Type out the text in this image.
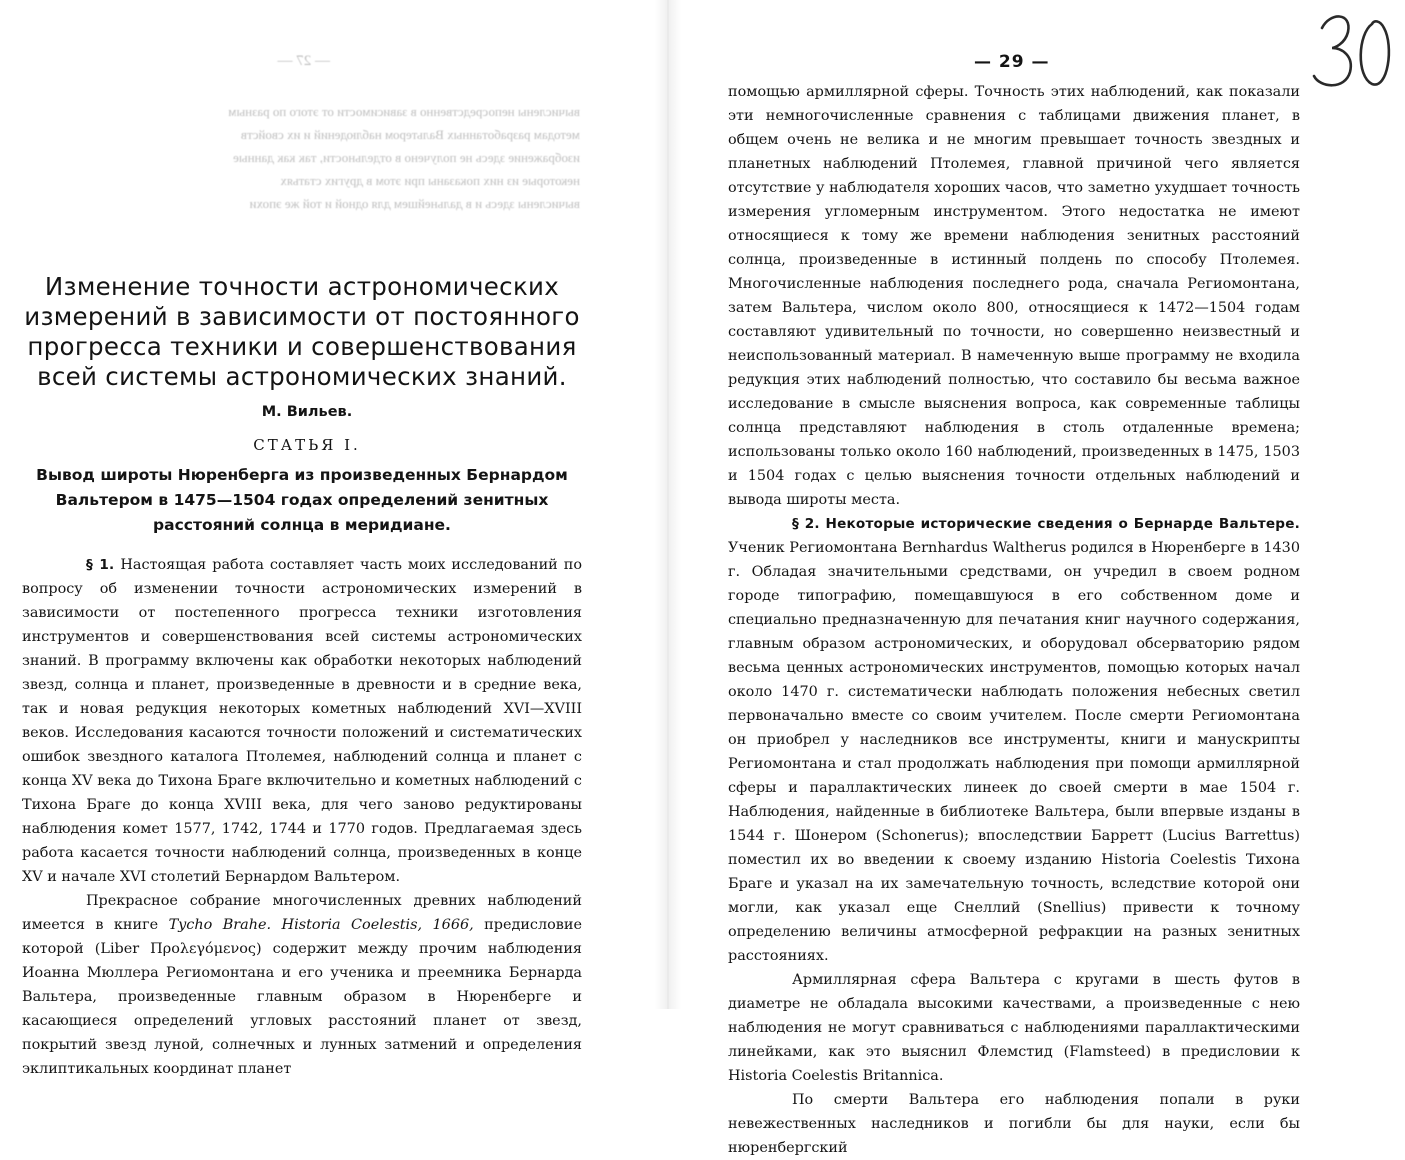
— 27 —
вычислены непосредственно в зависимости от этого по разным
методам разработанных Вальтером наблюдений и их свойств
изображение здесь не получено в отдельности, так как данные
некоторые из них показаны при этом в других статьях
вычислены здесь и в дальнейшем для одной и той же эпохи
Изменение точности астрономических измерений в зависимости от постоянного прогресса техники и совершенствования всей системы астрономических знаний.
М. Вильев.
СТАТЬЯ I.
Вывод широты Нюренберга из произведенных Бернардом Вальтером в 1475—1504 годах определений зенитных расстояний солнца в меридиане.

§ 1. Настоящая работа составляет часть моих исследований по вопросу об изменении точности астрономических измерений в зависимости от постепенного прогресса техники изготовления инструментов и совершенствования всей системы астрономических знаний. В программу включены как обработки некоторых наблюдений звезд, солнца и планет, произведенные в древности и в средние века, так и новая редукция некоторых кометных наблюдений XVI—XVIII веков. Исследования касаются точности положений и систематических ошибок звездного каталога Птолемея, наблюдений солнца и планет с конца XV века до Тихона Браге включительно и кометных наблюдений с Тихона Браге до конца XVIII века, для чего заново редуктированы наблюдения комет 1577, 1742, 1744 и 1770 годов. Предлагаемая здесь работа касается точности наблюдений солнца, произведенных в конце XV и начале XVI столетий Бернардом Вальтером.

Прекрасное собрание многочисленных древних наблюдений имеется в книге Tycho Brahe. Historia Coelestis, 1666, предисловие которой (Liber Προλεγόμενος) содержит между прочим наблюдения Иоанна Мюллера Региомонтана и его ученика и преемника Бернарда Вальтера, произведенные главным образом в Нюренберге и касающиеся определений угловых расстояний планет от звезд, покрытий звезд луной, солнечных и лунных затмений и определения эклиптикальных координат планет

— 29 —

помощью армиллярной сферы. Точность этих наблюдений, как показали эти немногочисленные сравнения с таблицами движения планет, в общем очень не велика и не многим превышает точность звездных и планетных наблюдений Птолемея, главной причиной чего является отсутствие у наблюдателя хороших часов, что заметно ухудшает точность измерения угломерным инструментом. Этого недостатка не имеют относящиеся к тому же времени наблюдения зенитных расстояний солнца, произведенные в истинный полдень по способу Птолемея. Многочисленные наблюдения последнего рода, сначала Региомонтана, затем Вальтера, числом около 800, относящиеся к 1472—1504 годам составляют удивительный по точности, но совершенно неизвестный и неиспользованный материал. В намеченную выше программу не входила редукция этих наблюдений полностью, что составило бы весьма важное исследование в смысле выяснения вопроса, как современные таблицы солнца представляют наблюдения в столь отдаленные времена; использованы только около 160 наблюдений, произведенных в 1475, 1503 и 1504 годах с целью выяснения точности отдельных наблюдений и вывода широты места.

§ 2. Некоторые исторические сведения о Бернарде Вальтере. Ученик Региомонтана Bernhardus Waltherus родился в Нюренберге в 1430 г. Обладая значительными средствами, он учредил в своем родном городе типографию, помещавшуюся в его собственном доме и специально предназначенную для печатания книг научного содержания, главным образом астрономических, и оборудовал обсерваторию рядом весьма ценных астрономических инструментов, помощью которых начал около 1470 г. систематически наблюдать положения небесных светил первоначально вместе со своим учителем. После смерти Региомонтана он приобрел у наследников все инструменты, книги и манускрипты Региомонтана и стал продолжать наблюдения при помощи армиллярной сферы и параллактических линеек до своей смерти в мае 1504 г. Наблюдения, найденные в библиотеке Вальтера, были впервые изданы в 1544 г. Шонером (Schonerus); впоследствии Барретт (Lucius Barrettus) поместил их во введении к своему изданию Historia Coelestis Тихона Браге и указал на их замечательную точность, вследствие которой они могли, как указал еще Снеллий (Snellius) привести к точному определению величины атмосферной рефракции на разных зенитных расстояниях.

Армиллярная сфера Вальтера с кругами в шесть футов в диаметре не обладала высокими качествами, а произведенные с нею наблюдения не могут сравниваться с наблюдениями параллактическими линейками, как это выяснил Флемстид (Flamsteed) в предисловии к Historia Coelestis Britannica.

По смерти Вальтера его наблюдения попали в руки невежественных наследников и погибли бы для науки, если бы нюренбергский
